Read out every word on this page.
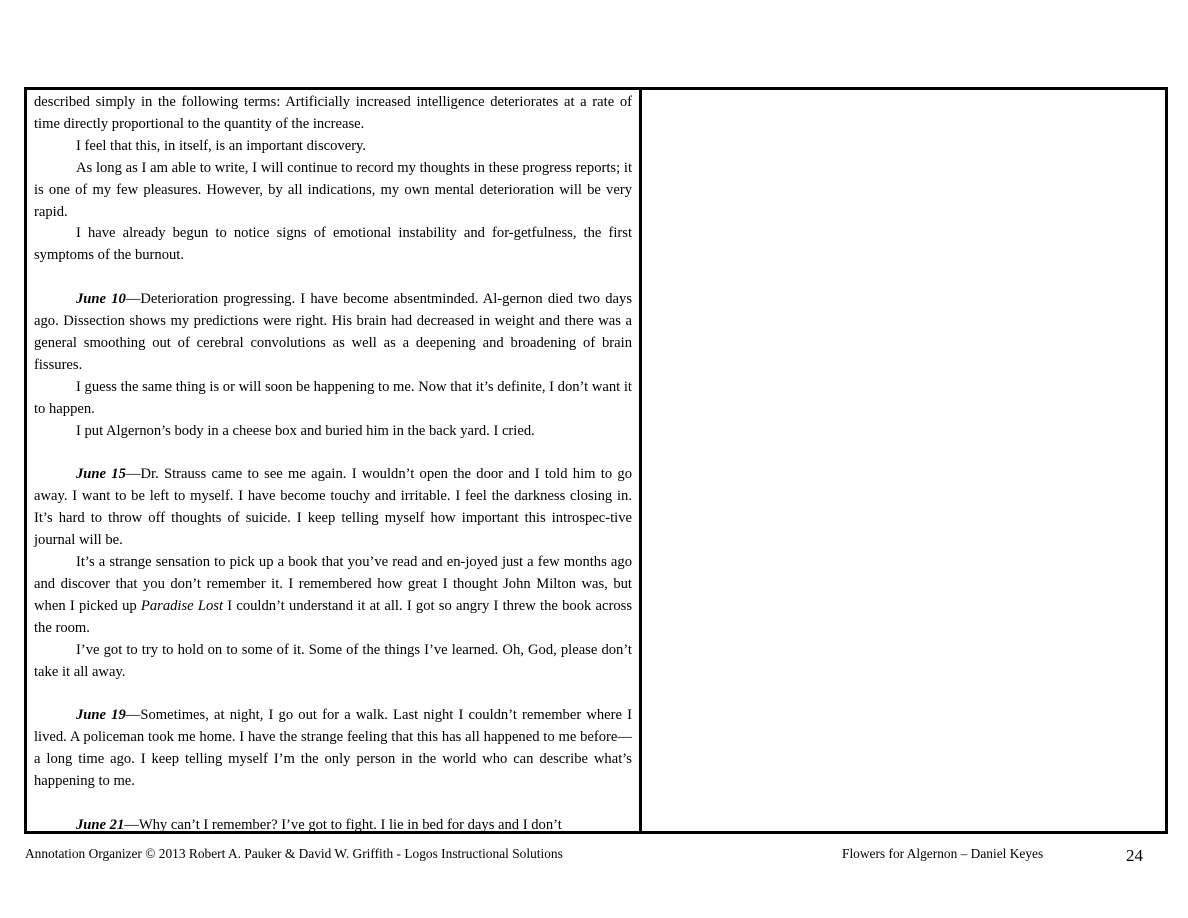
described simply in the following terms: Artificially increased intelligence deteriorates at a rate of time directly proportional to the quantity of the increase.

I feel that this, in itself, is an important discovery.

As long as I am able to write, I will continue to record my thoughts in these progress reports; it is one of my few pleasures. However, by all indications, my own mental deterioration will be very rapid.

I have already begun to notice signs of emotional instability and for-getfulness, the first symptoms of the burnout.

June 10—Deterioration progressing. I have become absentminded. Al-gernon died two days ago. Dissection shows my predictions were right. His brain had decreased in weight and there was a general smoothing out of cerebral convolutions as well as a deepening and broadening of brain fissures.

I guess the same thing is or will soon be happening to me. Now that it’s definite, I don’t want it to happen.

I put Algernon’s body in a cheese box and buried him in the back yard. I cried.

June 15—Dr. Strauss came to see me again. I wouldn’t open the door and I told him to go away. I want to be left to myself. I have become touchy and irritable. I feel the darkness closing in. It’s hard to throw off thoughts of suicide. I keep telling myself how important this introspec-tive journal will be.

It’s a strange sensation to pick up a book that you’ve read and en-joyed just a few months ago and discover that you don’t remember it. I remembered how great I thought John Milton was, but when I picked up Paradise Lost I couldn’t understand it at all. I got so angry I threw the book across the room.

I’ve got to try to hold on to some of it. Some of the things I’ve learned. Oh, God, please don’t take it all away.

June 19—Sometimes, at night, I go out for a walk. Last night I couldn’t remember where I lived. A policeman took me home. I have the strange feeling that this has all happened to me before—a long time ago. I keep telling myself I’m the only person in the world who can describe what’s happening to me.

June 21—Why can’t I remember? I’ve got to fight. I lie in bed for days and I don’t

Annotation Organizer © 2013 Robert A. Pauker & David W. Griffith - Logos Instructional Solutions	Flowers for Algernon – Daniel Keyes	24
